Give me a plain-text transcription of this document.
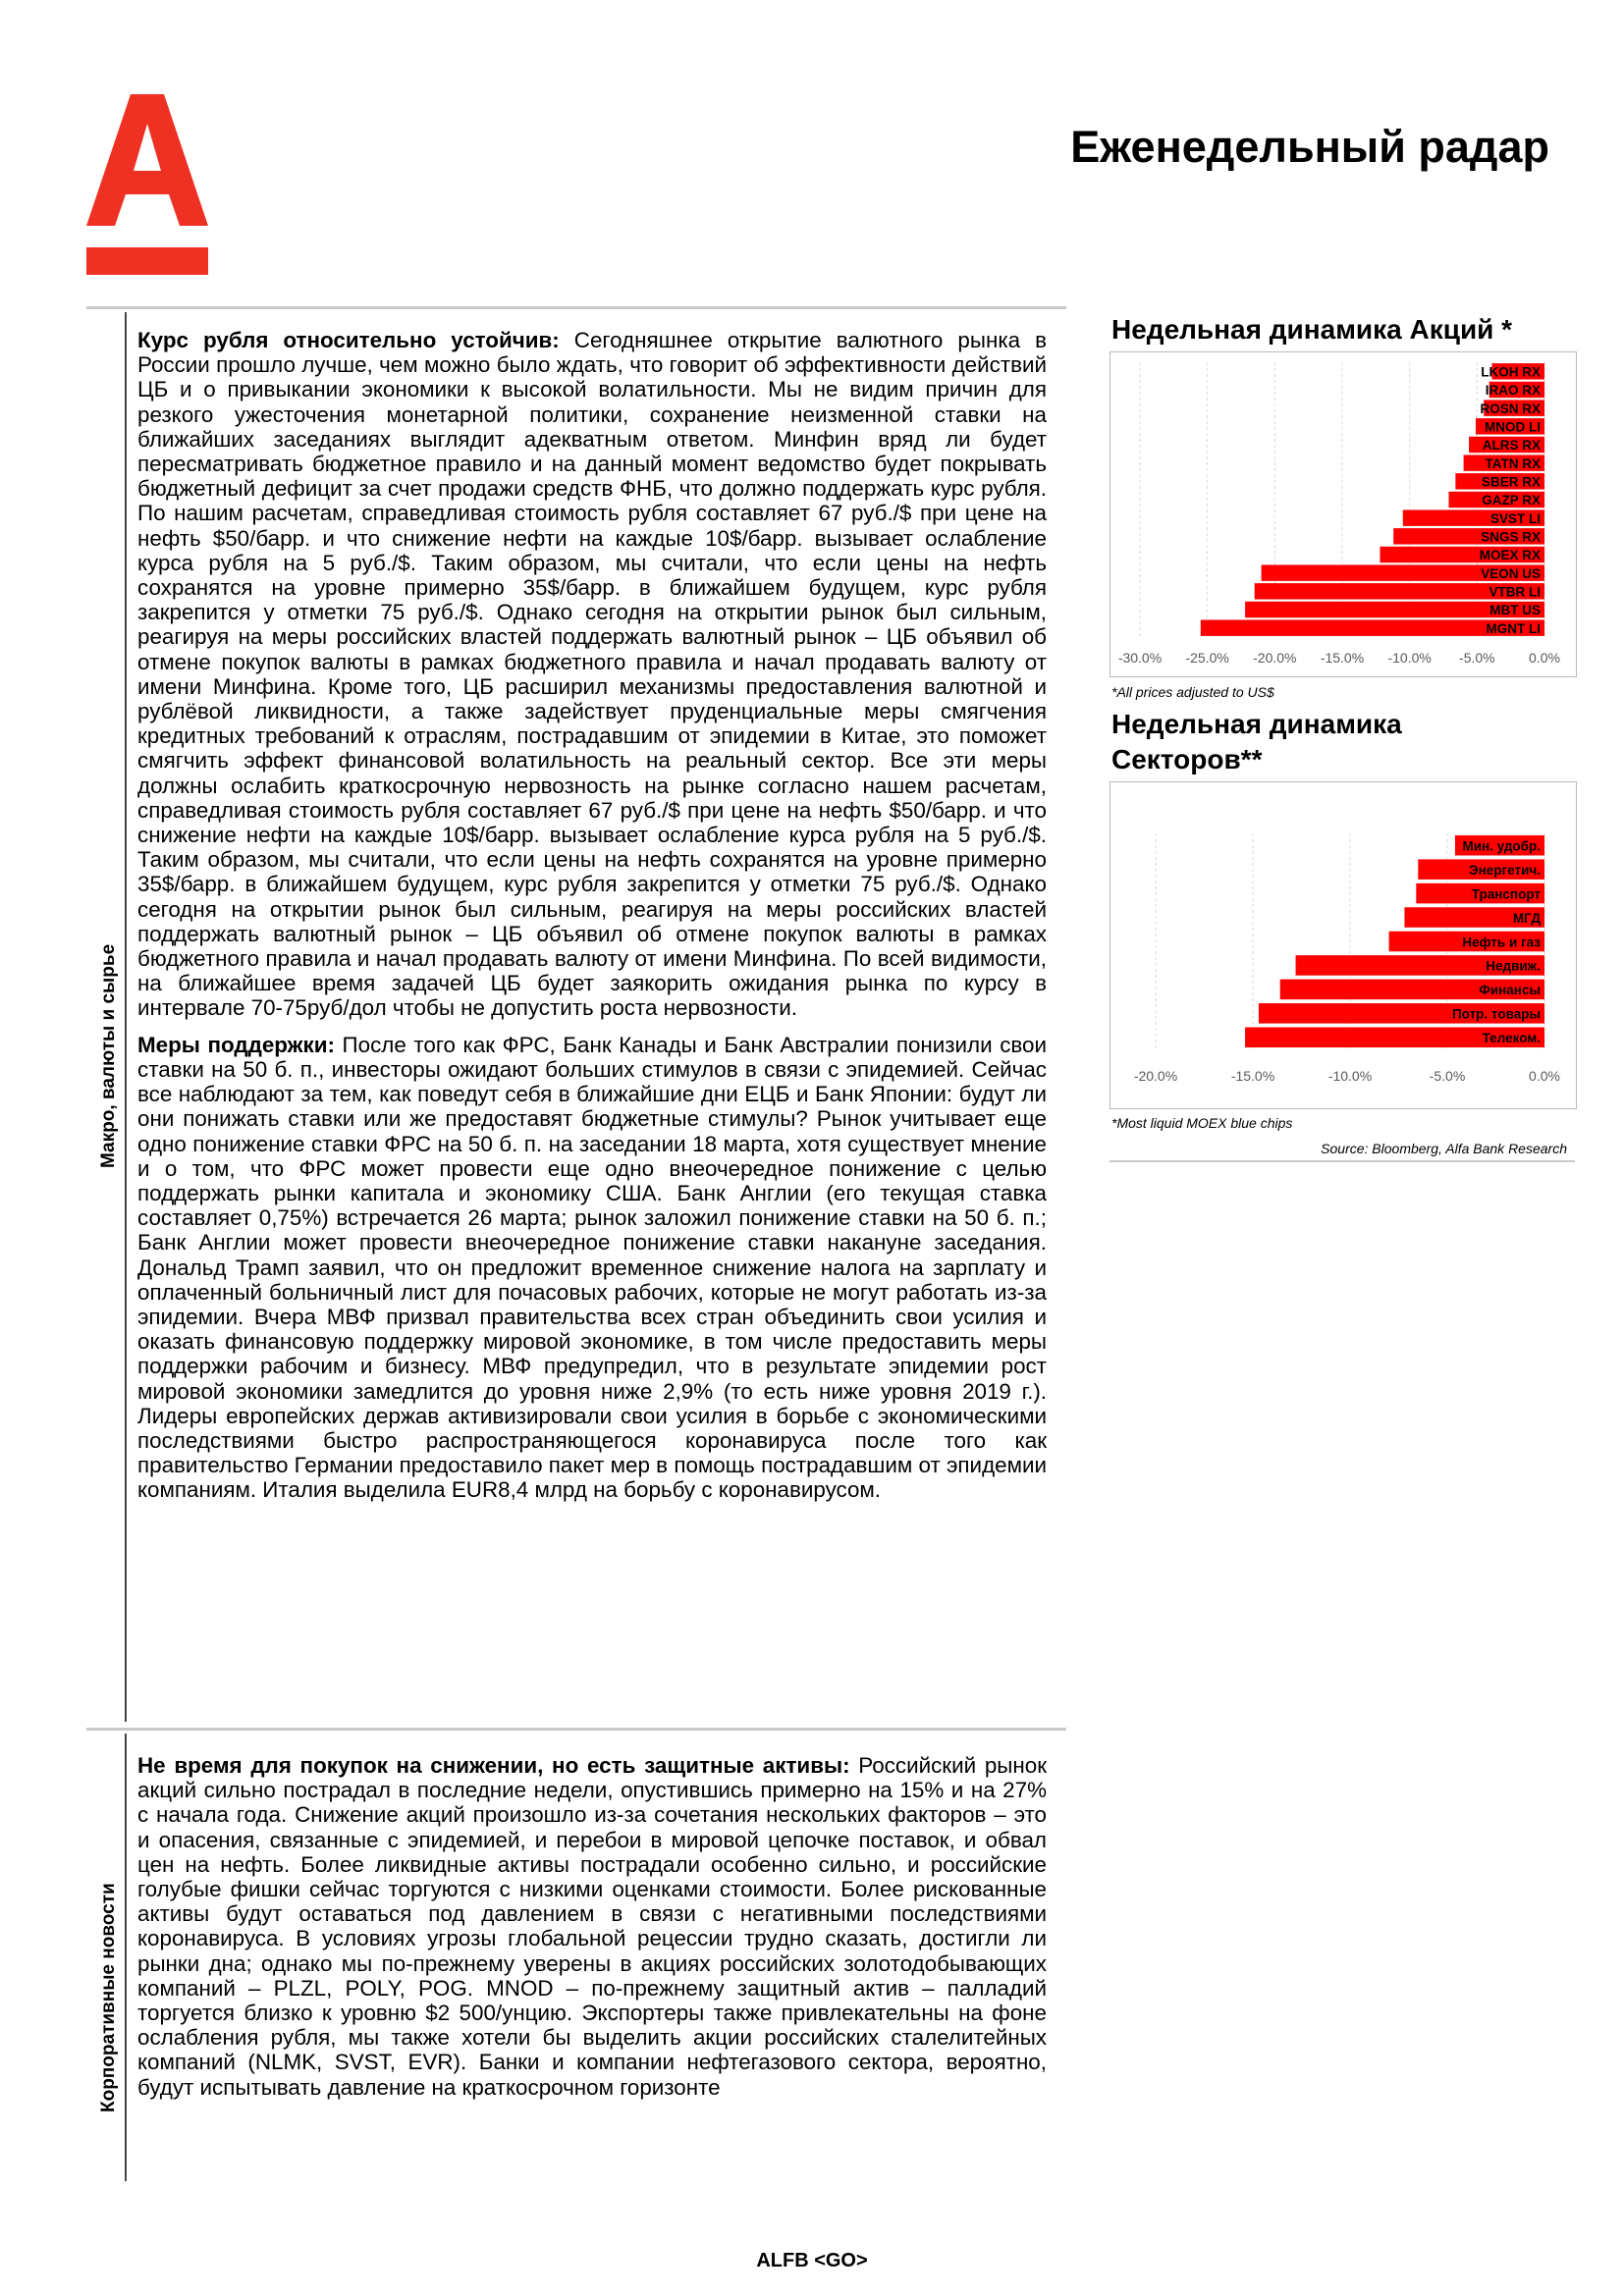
Еженедельный радар
Макро, валюты и сырье
Корпоративные новости

Курс рубля относительно устойчив: Сегодняшнее открытие валютного рынка в России прошло лучше, чем можно было ждать, что говорит об эффективности действий ЦБ и о привыкании экономики к высокой волатильности. Мы не видим причин для резкого ужесточения монетарной политики, сохранение неизменной ставки на ближайших заседаниях выглядит адекватным ответом. Минфин вряд ли будет пересматривать бюджетное правило и на данный момент ведомство будет покрывать бюджетный дефицит за счет продажи средств ФНБ, что должно поддержать курс рубля. По нашим расчетам, справедливая стоимость рубля составляет 67 руб./$ при цене на нефть $50/барр. и что снижение нефти на каждые 10$/барр. вызывает ослабление курса рубля на 5 руб./$. Таким образом, мы считали, что если цены на нефть сохранятся на уровне примерно 35$/барр. в ближайшем будущем, курс рубля закрепится у отметки 75 руб./$. Однако сегодня на открытии рынок был сильным, реагируя на меры российских властей поддержать валютный рынок – ЦБ объявил об отмене покупок валюты в рамках бюджетного правила и начал продавать валюту от имени Минфина. Кроме того, ЦБ расширил механизмы предоставления валютной и рублёвой ликвидности, а также задействует пруденциальные меры смягчения кредитных требований к отраслям, пострадавшим от эпидемии в Китае, это поможет смягчить эффект финансовой волатильность на реальный сектор. Все эти меры должны ослабить краткосрочную нервозность на рынке согласно нашем расчетам, справедливая стоимость рубля составляет 67 руб./$ при цене на нефть $50/барр. и что снижение нефти на каждые 10$/барр. вызывает ослабление курса рубля на 5 руб./$. Таким образом, мы считали, что если цены на нефть сохранятся на уровне примерно 35$/барр. в ближайшем будущем, курс рубля закрепится у отметки 75 руб./$. Однако сегодня на открытии рынок был сильным, реагируя на меры российских властей поддержать валютный рынок – ЦБ объявил об отмене покупок валюты в рамках бюджетного правила и начал продавать валюту от имени Минфина. По всей видимости, на ближайшее время задачей ЦБ будет заякорить ожидания рынка по курсу в интервале 70-75руб/дол чтобы не допустить роста нервозности.

Меры поддержки: После того как ФРС, Банк Канады и Банк Австралии понизили свои ставки на 50 б. п., инвесторы ожидают больших стимулов в связи с эпидемией. Сейчас все наблюдают за тем, как поведут себя в ближайшие дни ЕЦБ и Банк Японии: будут ли они понижать ставки или же предоставят бюджетные стимулы? Рынок учитывает еще одно понижение ставки ФРС на 50 б. п. на заседании 18 марта, хотя существует мнение и о том, что ФРС может провести еще одно внеочередное понижение с целью поддержать рынки капитала и экономику США. Банк Англии (его текущая ставка составляет 0,75%) встречается 26 марта; рынок заложил понижение ставки на 50 б. п.; Банк Англии может провести внеочередное понижение ставки накануне заседания. Дональд Трамп заявил, что он предложит временное снижение налога на зарплату и оплаченный больничный лист для почасовых рабочих, которые не могут работать из-за эпидемии. Вчера МВФ призвал правительства всех стран объединить свои усилия и оказать финансовую поддержку мировой экономике, в том числе предоставить меры поддержки рабочим и бизнесу. МВФ предупредил, что в результате эпидемии рост мировой экономики замедлится до уровня ниже 2,9% (то есть ниже уровня 2019 г.). Лидеры европейских держав активизировали свои усилия в борьбе с экономическими последствиями быстро распространяющегося коронавируса после того как правительство Германии предоставило пакет мер в помощь пострадавшим от эпидемии компаниям. Италия выделила EUR8,4 млрд на борьбу с коронавирусом.

Не время для покупок на снижении, но есть защитные активы: Российский рынок акций сильно пострадал в последние недели, опустившись примерно на 15% и на 27% с начала года. Снижение акций произошло из-за сочетания нескольких факторов – это и опасения, связанные с эпидемией, и перебои в мировой цепочке поставок, и обвал цен на нефть. Более ликвидные активы пострадали особенно сильно, и российские голубые фишки сейчас торгуются с низкими оценками стоимости. Более рискованные активы будут оставаться под давлением в связи с негативными последствиями коронавируса. В условиях угрозы глобальной рецессии трудно сказать, достигли ли рынки дна; однако мы по-прежнему уверены в акциях российских золотодобывающих компаний – PLZL, POLY, POG. MNOD – по-прежнему защитный актив – палладий торгуется близко к уровню $2 500/унцию. Экспортеры также привлекательны на фоне ослабления рубля, мы также хотели бы выделить акции российских сталелитейных компаний (NLMK, SVST, EVR). Банки и компании нефтегазового сектора, вероятно, будут испытывать давление на краткосрочном горизонте

Недельная динамика Акций *
-30.0% -25.0% -20.0% -15.0% -10.0% -5.0% 0.0%
LKOH RX
IRAO RX
ROSN RX
MNOD LI
ALRS RX
TATN RX
SBER RX
GAZP RX
SVST LI
SNGS RX
MOEX RX
VEON US
VTBR LI
MBT US
MGNT LI
*All prices adjusted to US$
Недельная динамика Секторов**
-20.0%	-15.0%	-10.0%	-5.0%	0.0%
Мин. удобр.
Энергетич.
Транспорт
МГД
Нефть и газ
Недвиж.
Финансы
Потр. товары
Телеком.
*Most liquid MOEX blue chips
Source: Bloomberg, Alfa Bank Research
ALFB <GO>
